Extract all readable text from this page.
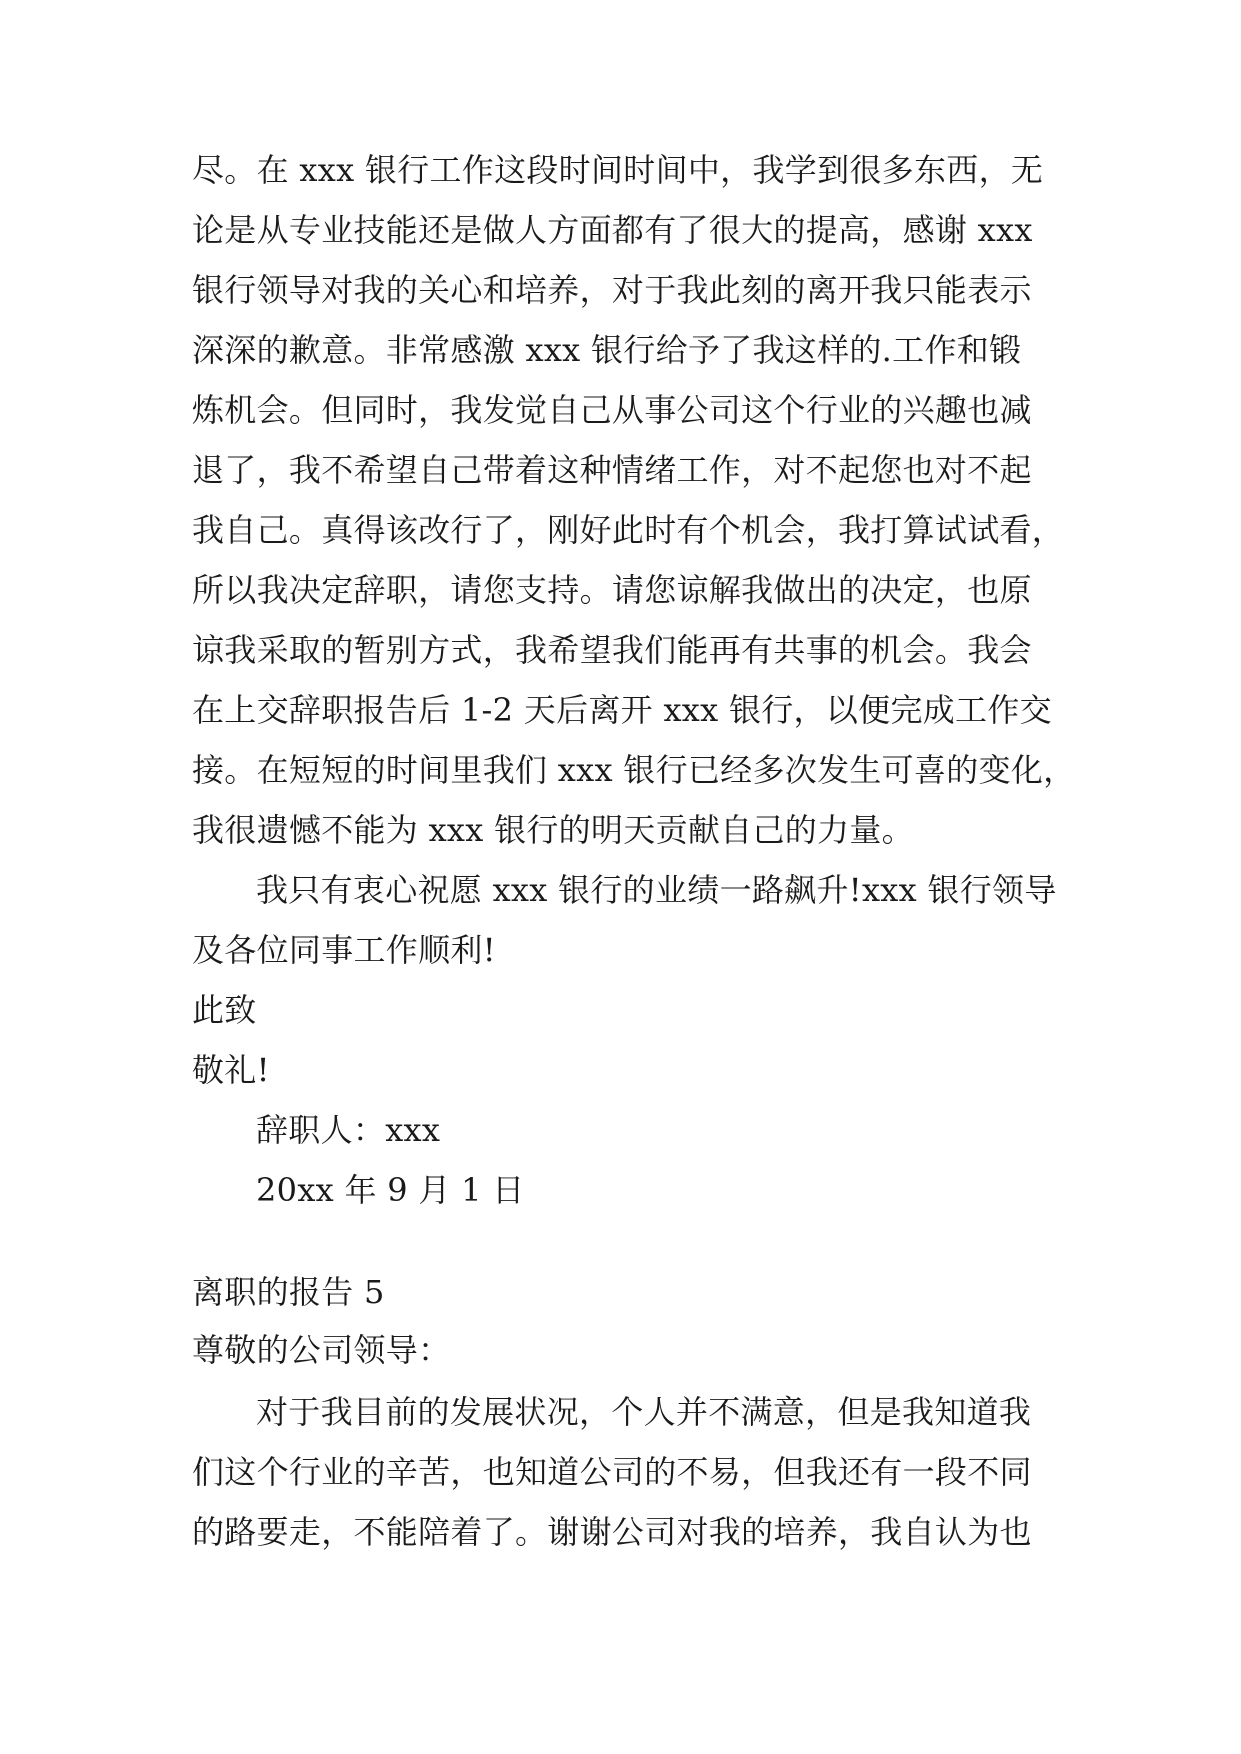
尽。在 xxx 银行工作这段时间时间中，我学到很多东西，无
论是从专业技能还是做人方面都有了很大的提高，感谢 xxx
银行领导对我的关心和培养，对于我此刻的离开我只能表示
深深的歉意。非常感激 xxx 银行给予了我这样的.工作和锻
炼机会。但同时，我发觉自己从事公司这个行业的兴趣也减
退了，我不希望自己带着这种情绪工作，对不起您也对不起
我自己。真得该改行了，刚好此时有个机会，我打算试试看，
所以我决定辞职，请您支持。请您谅解我做出的决定，也原
谅我采取的暂别方式，我希望我们能再有共事的机会。我会
在上交辞职报告后 1-2 天后离开 xxx 银行，以便完成工作交
接。在短短的时间里我们 xxx 银行已经多次发生可喜的变化，
我很遗憾不能为 xxx 银行的明天贡献自己的力量。
我只有衷心祝愿 xxx 银行的业绩一路飙升!xxx 银行领导
及各位同事工作顺利!
此致
敬礼!
辞职人：xxx
20xx 年 9 月 1 日
离职的报告 5
尊敬的公司领导：
对于我目前的发展状况，个人并不满意，但是我知道我
们这个行业的辛苦，也知道公司的不易，但我还有一段不同
的路要走，不能陪着了。谢谢公司对我的培养，我自认为也
